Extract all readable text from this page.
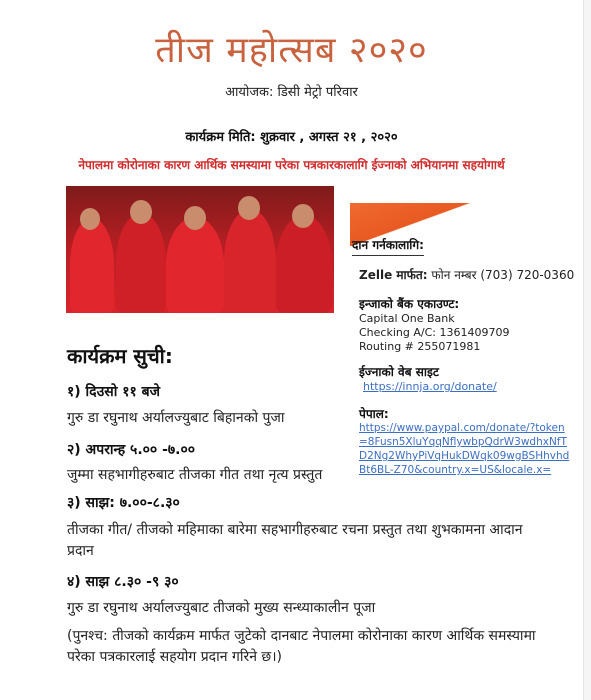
तीज महोत्सब २०२०
आयोजक: डिसी मेट्रो परिवार
कार्यक्रम मिति: शुक्रवार , अगस्त २१ , २०२०
नेपालमा कोरोनाका कारण आर्थिक समस्यामा परेका पत्रकारकालागि ईज्नाको अभियानमा सहयोगार्थ
दान गर्नकालागि:
Zelle मार्फत: फोन नम्बर (703) 720-0360
इन्जाको बैंक एकाउण्ट:
Capital One Bank
Checking A/C: 1361409709
Routing # 255071981
ईज्नाको वेब साइट
https://innja.org/donate/
पेपाल:
https://www.paypal.com/donate/?token=8Fusn5XluYqqNflywbpQdrW3wdhxNfTD2Ng2WhyPiVqHukDWqk09wgBSHhvhdBt6BL-Z70&country.x=US&locale.x=
कार्यक्रम सुची:
१) दिउसो ११ बजे
गुरु डा रघुनाथ अर्यालज्युबाट बिहानको पुजा
२) अपरान्ह ५.०० -७.००
जुम्मा सहभागीहरुबाट तीजका गीत तथा नृत्य प्रस्तुत
३) साझ: ७.००-८.३०
तीजका गीत/ तीजको महिमाका बारेमा सहभागीहरुबाट रचना प्रस्तुत तथा शुभकामना आदान प्रदान
४) साझ ८.३० -९ ३०
गुरु डा रघुनाथ अर्यालज्युबाट तीजको मुख्य सन्ध्याकालीन पूजा
(पुनश्च: तीजको कार्यक्रम मार्फत जुटेको दानबाट नेपालमा कोरोनाका कारण आर्थिक समस्यामा परेका पत्रकारलाई सहयोग प्रदान गरिने छ।)
